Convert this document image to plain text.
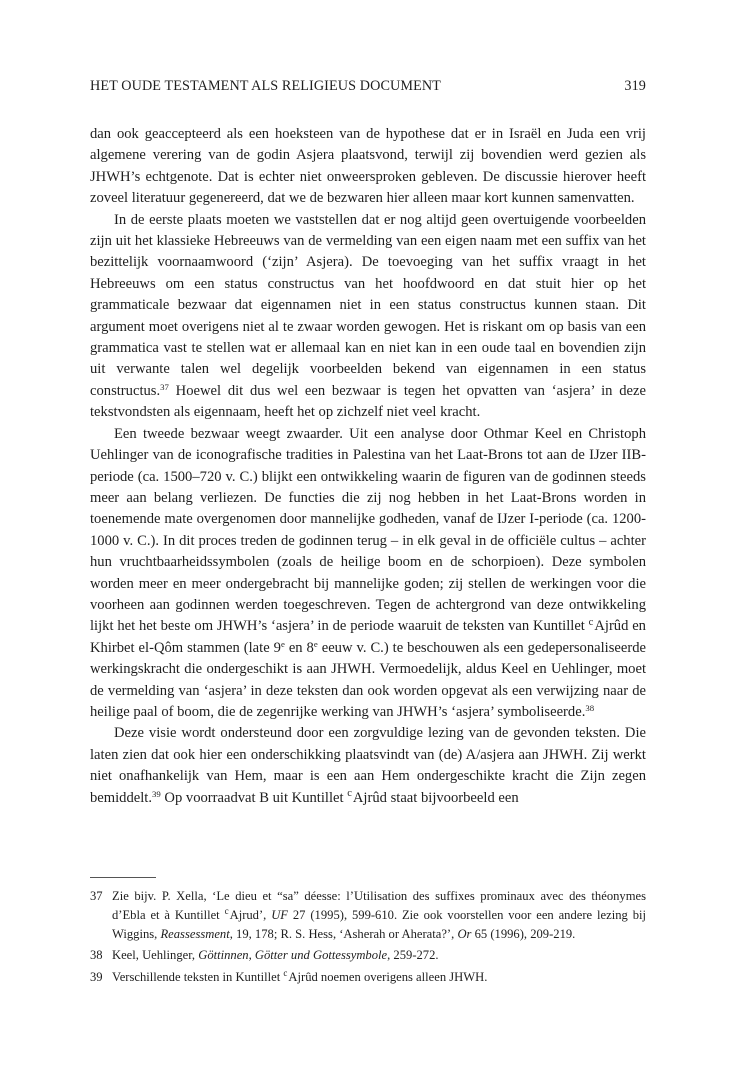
HET OUDE TESTAMENT ALS RELIGIEUS DOCUMENT	319

dan ook geaccepteerd als een hoeksteen van de hypothese dat er in Israël en Juda een vrij algemene verering van de godin Asjera plaatsvond, terwijl zij bovendien werd gezien als JHWH’s echtgenote. Dat is echter niet onweersproken gebleven. De discussie hierover heeft zoveel literatuur gegenereerd, dat we de bezwaren hier alleen maar kort kunnen samenvatten.

In de eerste plaats moeten we vaststellen dat er nog altijd geen overtuigende voorbeelden zijn uit het klassieke Hebreeuws van de vermelding van een eigen naam met een suffix van het bezittelijk voornaamwoord (‘zijn’ Asjera). De toevoeging van het suffix vraagt in het Hebreeuws om een status constructus van het hoofdwoord en dat stuit hier op het grammaticale bezwaar dat eigennamen niet in een status constructus kunnen staan. Dit argument moet overigens niet al te zwaar worden gewogen. Het is riskant om op basis van een grammatica vast te stellen wat er allemaal kan en niet kan in een oude taal en bovendien zijn uit verwante talen wel degelijk voorbeelden bekend van eigennamen in een status constructus.$^{37}$ Hoewel dit dus wel een bezwaar is tegen het opvatten van ‘asjera’ in deze tekstvondsten als eigennaam, heeft het op zichzelf niet veel kracht.

Een tweede bezwaar weegt zwaarder. Uit een analyse door Othmar Keel en Christoph Uehlinger van de iconografische tradities in Palestina van het Laat-Brons tot aan de IJzer IIB-periode (ca. 1500–720 v. C.) blijkt een ontwikkeling waarin de figuren van de godinnen steeds meer aan belang verliezen. De functies die zij nog hebben in het Laat-Brons worden in toenemende mate overgenomen door mannelijke godheden, vanaf de IJzer I-periode (ca. 1200-1000 v. C.). In dit proces treden de godinnen terug – in elk geval in de officiële cultus – achter hun vruchtbaarheidssymbolen (zoals de heilige boom en de schorpioen). Deze symbolen worden meer en meer ondergebracht bij mannelijke goden; zij stellen de werkingen voor die voorheen aan godinnen werden toegeschreven. Tegen de achtergrond van deze ontwikkeling lijkt het het beste om JHWH’s ‘asjera’ in de periode waaruit de teksten van Kuntillet $^c$Ajrûd en Khirbet el-Qôm stammen (late 9e en 8e eeuw v. C.) te beschouwen als een gedepersonaliseerde werkingskracht die ondergeschikt is aan JHWH. Vermoedelijk, aldus Keel en Uehlinger, moet de vermelding van ‘asjera’ in deze teksten dan ook worden opgevat als een verwijzing naar de heilige paal of boom, die de zegenrijke werking van JHWH’s ‘asjera’ symboliseerde.$^{38}$

Deze visie wordt ondersteund door een zorgvuldige lezing van de gevonden teksten. Die laten zien dat ook hier een onderschikking plaatsvindt van (de) A/asjera aan JHWH. Zij werkt niet onafhankelijk van Hem, maar is een aan Hem ondergeschikte kracht die Zijn zegen bemiddelt.$^{39}$ Op voorraadvat B uit Kuntillet $^c$Ajrûd staat bijvoorbeeld een

37 Zie bijv. P. Xella, ‘Le dieu et “sa” déesse: l’Utilisation des suffixes prominaux avec des théonymes d’Ebla et à Kuntillet $^c$Ajrud’, UF 27 (1995), 599-610. Zie ook voorstellen voor een andere lezing bij Wiggins, Reassessment, 19, 178; R. S. Hess, ‘Asherah or Aherata?’, Or 65 (1996), 209-219.
38 Keel, Uehlinger, Göttinnen, Götter und Gottessymbole, 259-272.
39 Verschillende teksten in Kuntillet $^c$Ajrûd noemen overigens alleen JHWH.
